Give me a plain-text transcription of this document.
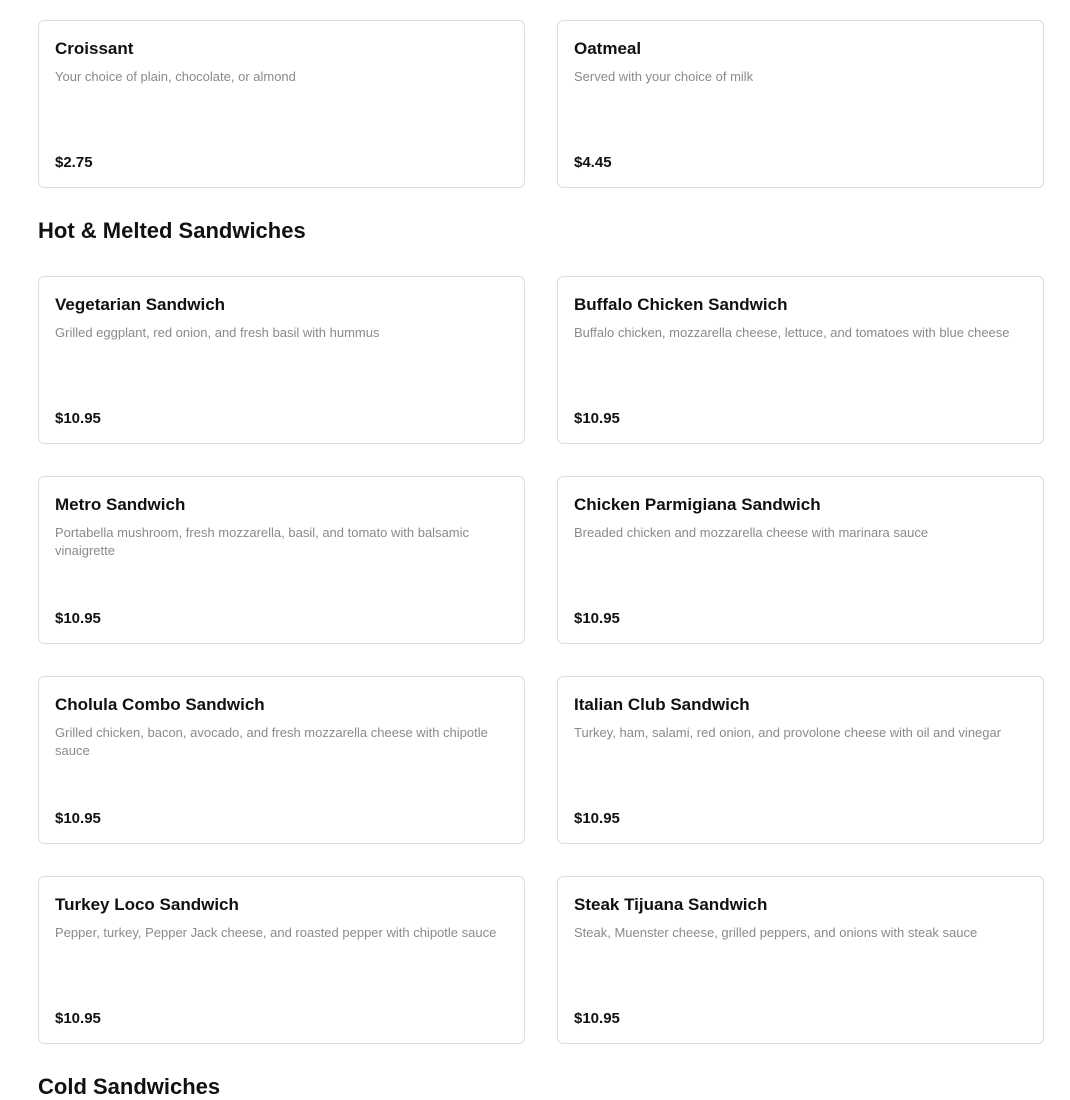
Croissant
Your choice of plain, chocolate, or almond
$2.75
Oatmeal
Served with your choice of milk
$4.45
Hot & Melted Sandwiches
Vegetarian Sandwich
Grilled eggplant, red onion, and fresh basil with hummus
$10.95
Buffalo Chicken Sandwich
Buffalo chicken, mozzarella cheese, lettuce, and tomatoes with blue cheese
$10.95
Metro Sandwich
Portabella mushroom, fresh mozzarella, basil, and tomato with balsamic vinaigrette
$10.95
Chicken Parmigiana Sandwich
Breaded chicken and mozzarella cheese with marinara sauce
$10.95
Cholula Combo Sandwich
Grilled chicken, bacon, avocado, and fresh mozzarella cheese with chipotle sauce
$10.95
Italian Club Sandwich
Turkey, ham, salami, red onion, and provolone cheese with oil and vinegar
$10.95
Turkey Loco Sandwich
Pepper, turkey, Pepper Jack cheese, and roasted pepper with chipotle sauce
$10.95
Steak Tijuana Sandwich
Steak, Muenster cheese, grilled peppers, and onions with steak sauce
$10.95
Cold Sandwiches
